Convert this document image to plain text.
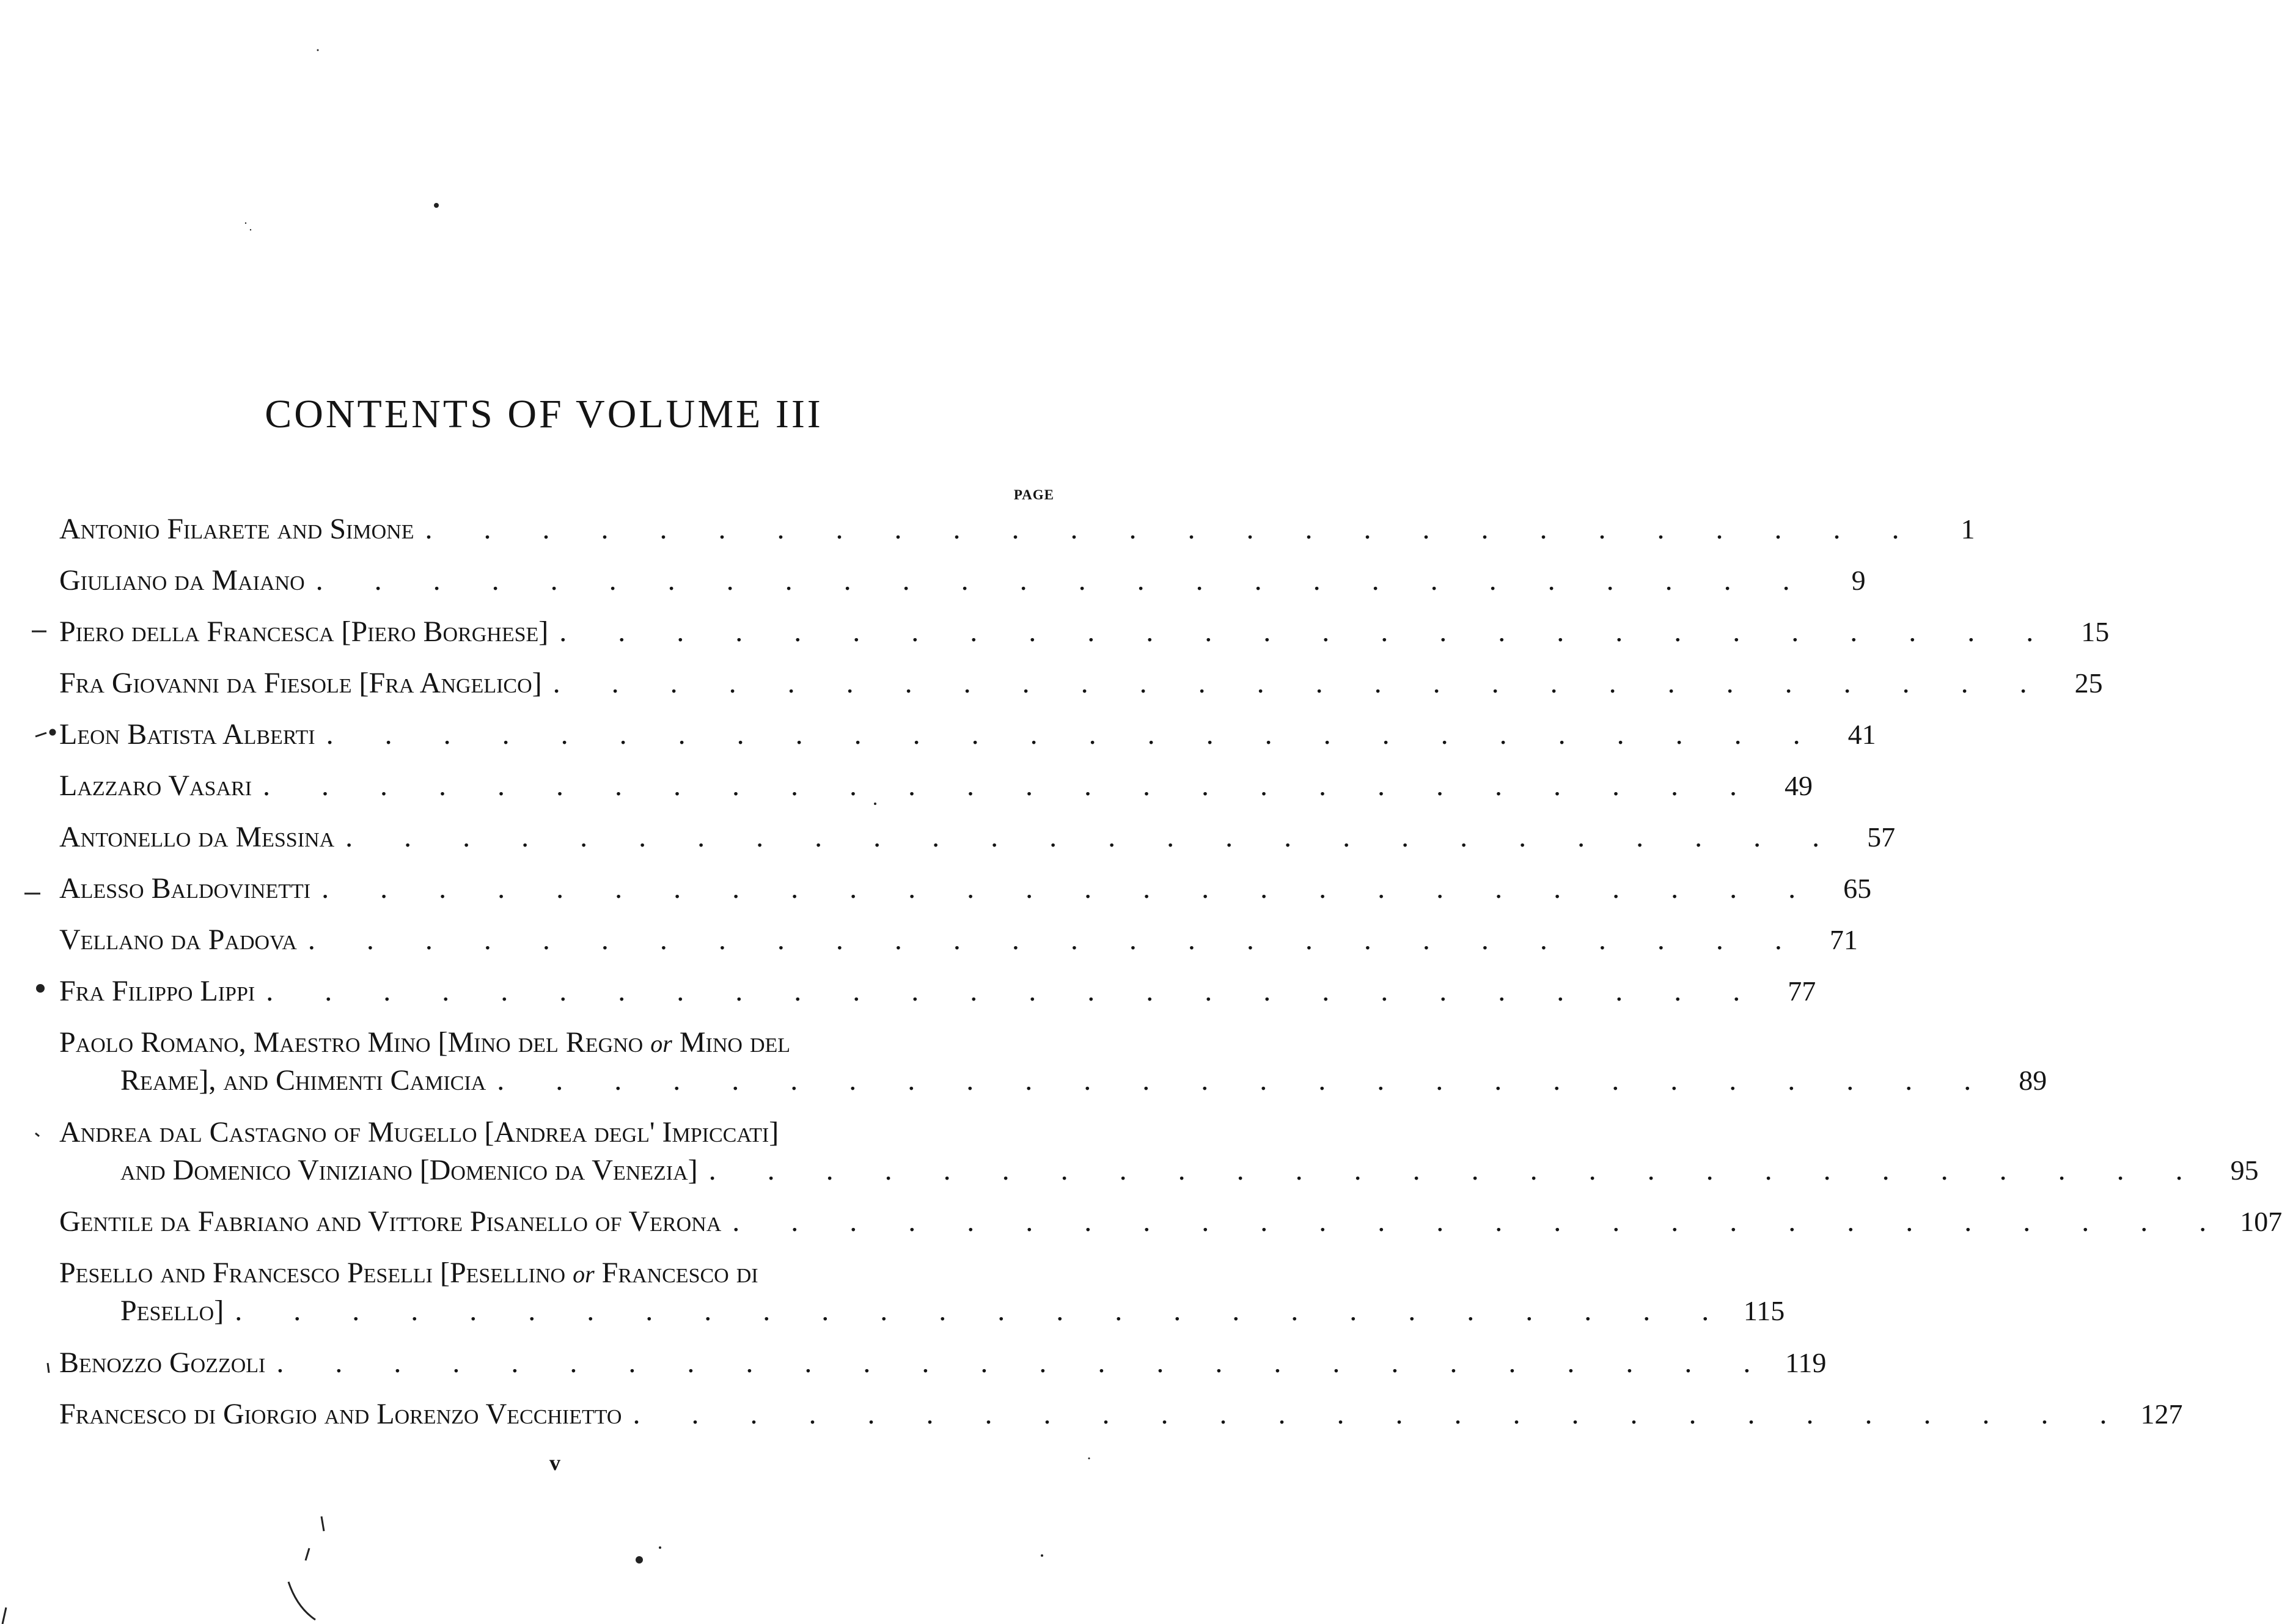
CONTENTS OF VOLUME III
PAGE
Antonio Filarete and Simone . . . . . . . . . . . . . . . . . . . . . . . . . .	1
Giuliano da Maiano . . . . . . . . . . . . . . . . . . . . . . . . . .	9
Piero della Francesca [Piero Borghese] . . . . . . . . . . . . . . . . . . . . . . . . . . 15
Fra Giovanni da Fiesole [Fra Angelico] . . . . . . . . . . . . . . . . . . . . . . . . . . 25
Leon Batista Alberti . . . . . . . . . . . . . . . . . . . . . . . . . . 41
Lazzaro Vasari . . . . . . . . . . . . . . . . . . . . . . . . . . 49
Antonello da Messina . . . . . . . . . . . . . . . . . . . . . . . . . . 57
Alesso Baldovinetti . . . . . . . . . . . . . . . . . . . . . . . . . . 65
Vellano da Padova . . . . . . . . . . . . . . . . . . . . . . . . . . 71
Fra Filippo Lippi . . . . . . . . . . . . . . . . . . . . . . . . . . 77
Paolo Romano, Maestro Mino [Mino del Regno or Mino del
Reame], and Chimenti Camicia . . . . . . . . . . . . . . . . . . . . . . . . . . 89
Andrea dal Castagno of Mugello [Andrea degl' Impiccati]
and Domenico Viniziano [Domenico da Venezia] . . . . . . . . . . . . . . . . . . . . . . . . . . 95
Gentile da Fabriano and Vittore Pisanello of Verona . . . . . . . . . . . . . . . . . . . . . . . . . . 107
Pesello and Francesco Peselli [Pesellino or Francesco di
Pesello] . . . . . . . . . . . . . . . . . . . . . . . . . . 115
Benozzo Gozzoli . . . . . . . . . . . . . . . . . . . . . . . . . . 119
Francesco di Giorgio and Lorenzo Vecchietto . . . . . . . . . . . . . . . . . . . . . . . . . . 127
v
